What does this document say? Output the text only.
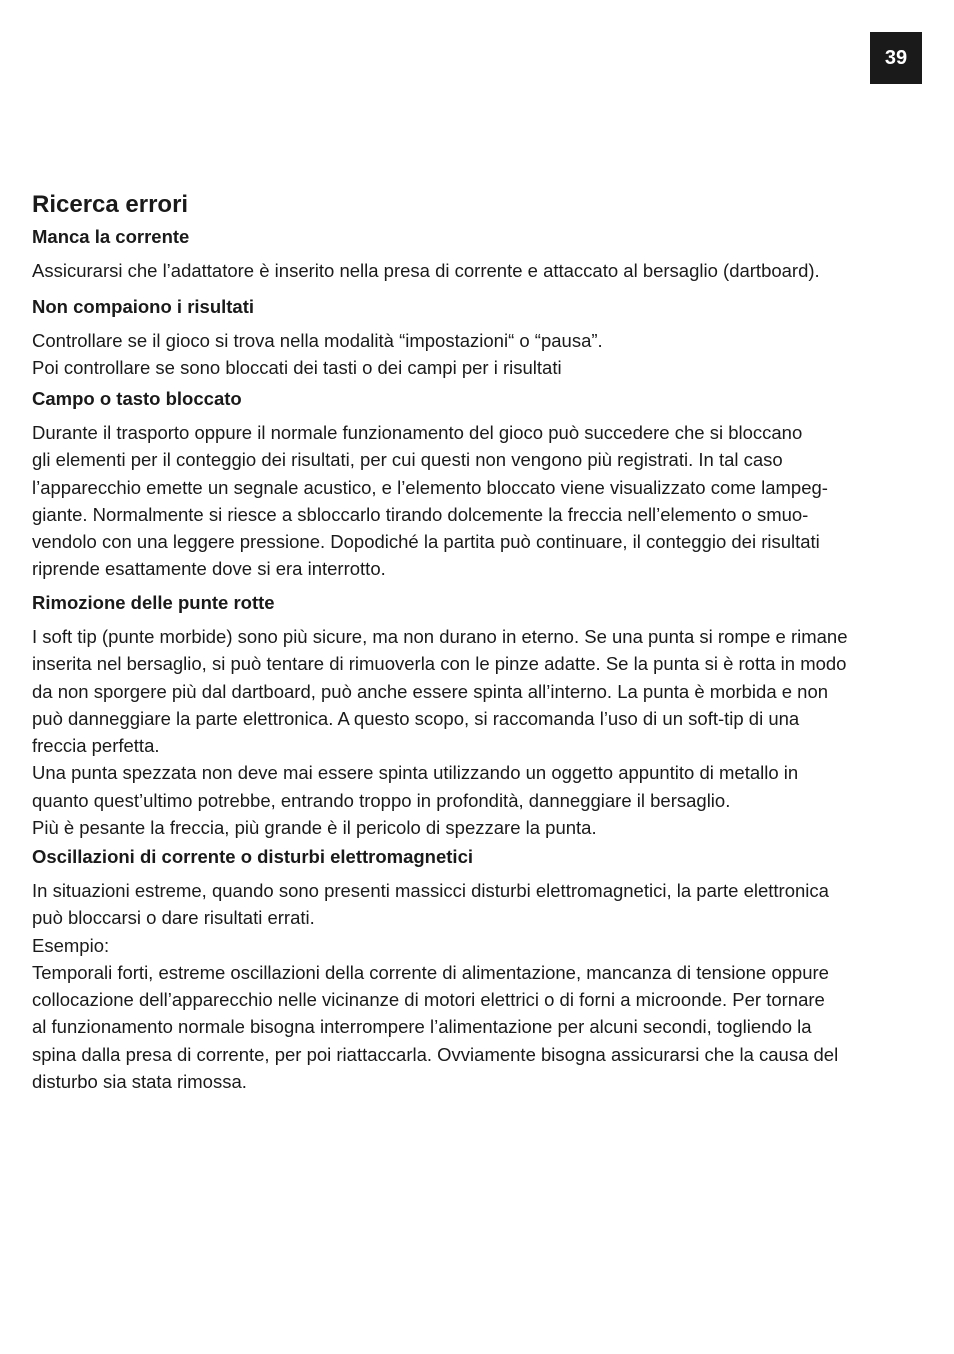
39
Ricerca errori
Manca la corrente

Assicurarsi che l’adattatore è inserito nella presa di corrente e attaccato al bersaglio (dartboard).

Non compaiono i risultati

Controllare se il gioco si trova nella modalità “impostazioni“ o “pausa”.
Poi controllare se sono bloccati dei tasti o dei campi per i risultati

Campo o tasto bloccato

Durante il trasporto oppure il normale funzionamento del gioco può succedere che si bloccano
gli elementi per il conteggio dei risultati, per cui questi non vengono più registrati. In tal caso
l’apparecchio emette un segnale acustico, e l’elemento bloccato viene visualizzato come lampeg-
giante. Normalmente si riesce a sbloccarlo tirando dolcemente la freccia nell’elemento o smuo-
vendolo con una leggere pressione. Dopodiché la partita può continuare, il conteggio dei risultati
riprende esattamente dove si era interrotto.

Rimozione delle punte rotte

I soft tip (punte morbide) sono più sicure, ma non durano in eterno. Se una punta si rompe e rimane
inserita nel bersaglio, si può tentare di rimuoverla con le pinze adatte. Se la punta si è rotta in modo
da non sporgere più dal dartboard, può anche essere spinta all’interno. La punta è morbida e non
può danneggiare la parte elettronica. A questo scopo, si raccomanda l’uso di un soft-tip di una
freccia perfetta.
Una punta spezzata non deve mai essere spinta utilizzando un oggetto appuntito di metallo in
quanto quest’ultimo potrebbe, entrando troppo in profondità, danneggiare il bersaglio.
Più è pesante la freccia, più grande è il pericolo di spezzare la punta.

Oscillazioni di corrente o disturbi elettromagnetici

In situazioni estreme, quando sono presenti massicci disturbi elettromagnetici, la parte elettronica
può bloccarsi o dare risultati errati.
Esempio:
Temporali forti, estreme oscillazioni della corrente di alimentazione, mancanza di tensione oppure
collocazione dell’apparecchio nelle vicinanze di motori elettrici o di forni a microonde. Per tornare
al funzionamento normale bisogna interrompere l’alimentazione per alcuni secondi, togliendo la
spina dalla presa di corrente, per poi riattaccarla. Ovviamente bisogna assicurarsi che la causa del
disturbo sia stata rimossa.
